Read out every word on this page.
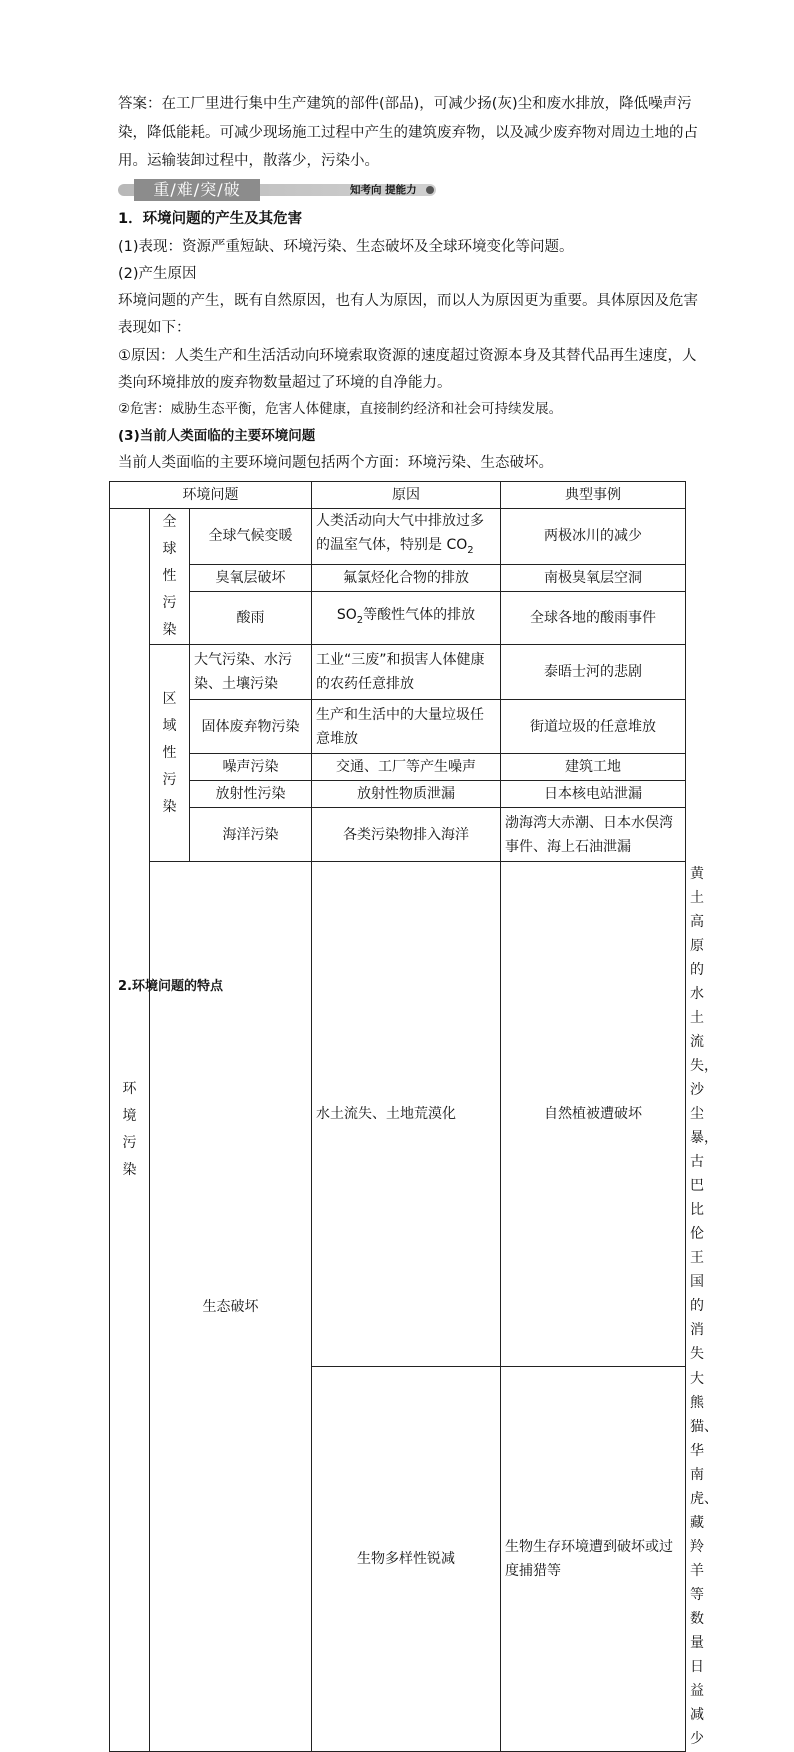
答案：在工厂里进行集中生产建筑的部件(部品)，可减少扬(灰)尘和废水排放，降低噪声污
染，降低能耗。可减少现场施工过程中产生的建筑废弃物，以及减少废弃物对周边土地的占
用。运输装卸过程中，散落少，污染小。
重/难/突/破	知考向 提能力
1．环境问题的产生及其危害
(1)表现：资源严重短缺、环境污染、生态破坏及全球环境变化等问题。
(2)产生原因
环境问题的产生，既有自然原因，也有人为原因，而以人为原因更为重要。具体原因及危害
表现如下：
①原因：人类生产和生活活动向环境索取资源的速度超过资源本身及其替代品再生速度，人
类向环境排放的废弃物数量超过了环境的自净能力。
②危害：威胁生态平衡，危害人体健康，直接制约经济和社会可持续发展。
(3)当前人类面临的主要环境问题
当前人类面临的主要环境问题包括两个方面：环境污染、生态破坏。
环境问题			原因	典型事例	
环境污染	全球性污染	全球气候变暖	人类活动向大气中排放过多的温室气体，特别是 $CO_2$	两极冰川的减少	
		臭氧层破坏	氟氯烃化合物的排放	南极臭氧层空洞	
		酸雨	$SO_2$等酸性气体的排放	全球各地的酸雨事件	
	区域性污染	大气污染、水污染、土壤污染	工业“三废”和损害人体健康的农药任意排放	泰晤士河的悲剧	
		固体废弃物污染	生产和生活中的大量垃圾任意堆放	街道垃圾的任意堆放	
		噪声污染	交通、工厂等产生噪声	建筑工地	
		放射性污染	放射性物质泄漏	日本核电站泄漏	
		海洋污染	各类污染物排入海洋	渤海湾大赤潮、日本水俣湾事件、海上石油泄漏	
	生态破坏		水土流失、土地荒漠化	自然植被遭破坏	黄土高原的水土流失，沙尘暴，古巴比伦王国的消失
			生物多样性锐减	生物生存环境遭到破坏或过度捕猎等	大熊猫、华南虎、藏羚羊等数量日益减少
2.环境问题的特点
